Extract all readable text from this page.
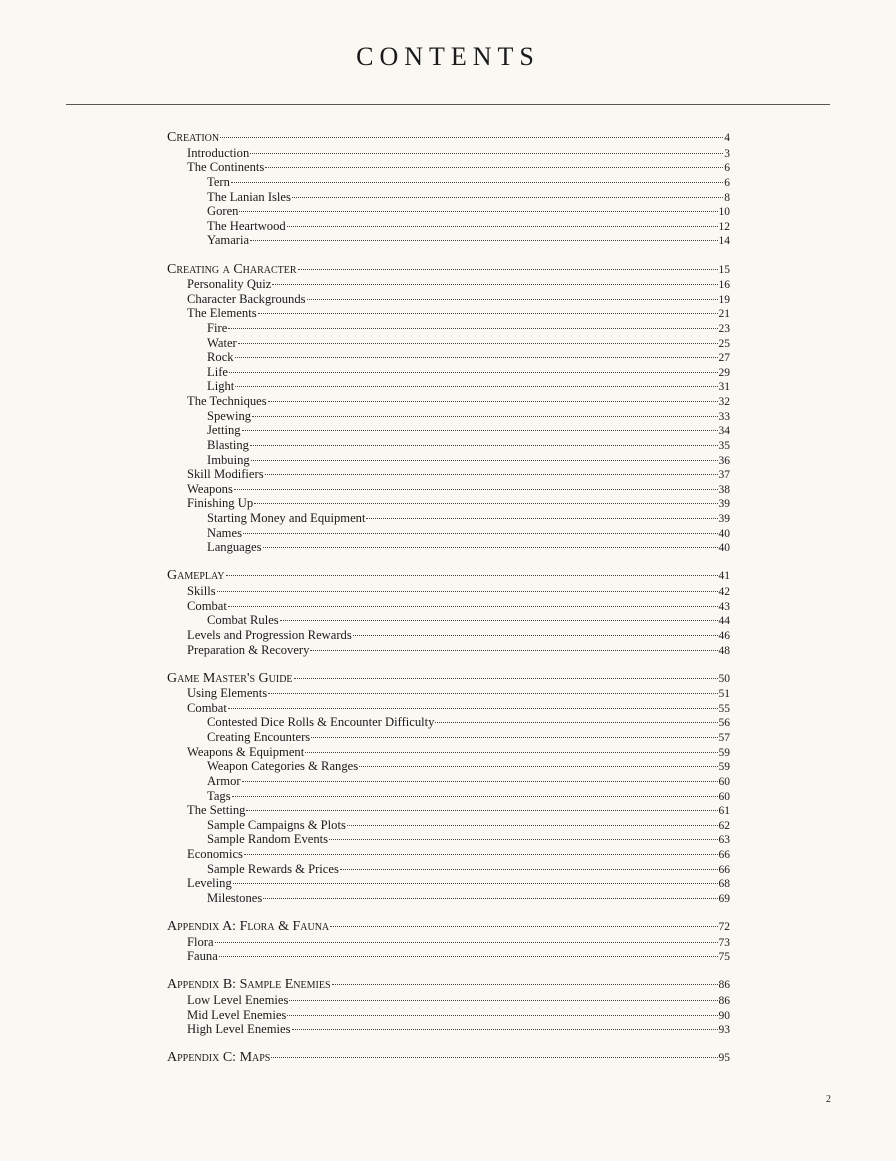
CONTENTS
Creation	4
Introduction	3
The Continents	6
Tern	6
The Lanian Isles	8
Goren	10
The Heartwood	12
Yamaria	14
Creating a Character	15
Personality Quiz	16
Character Backgrounds	19
The Elements	21
Fire	23
Water	25
Rock	27
Life	29
Light	31
The Techniques	32
Spewing	33
Jetting	34
Blasting	35
Imbuing	36
Skill Modifiers	37
Weapons	38
Finishing Up	39
Starting Money and Equipment	39
Names	40
Languages	40
Gameplay	41
Skills	42
Combat	43
Combat Rules	44
Levels and Progression Rewards	46
Preparation & Recovery	48
Game Master's Guide	50
Using Elements	51
Combat	55
Contested Dice Rolls & Encounter Difficulty	56
Creating Encounters	57
Weapons & Equipment	59
Weapon Categories & Ranges	59
Armor	60
Tags	60
The Setting	61
Sample Campaigns & Plots	62
Sample Random Events	63
Economics	66
Sample Rewards & Prices	66
Leveling	68
Milestones	69
Appendix A: Flora & Fauna	72
Flora	73
Fauna	75
Appendix B: Sample Enemies	86
Low Level Enemies	86
Mid Level Enemies	90
High Level Enemies	93
Appendix C: Maps	95
2
